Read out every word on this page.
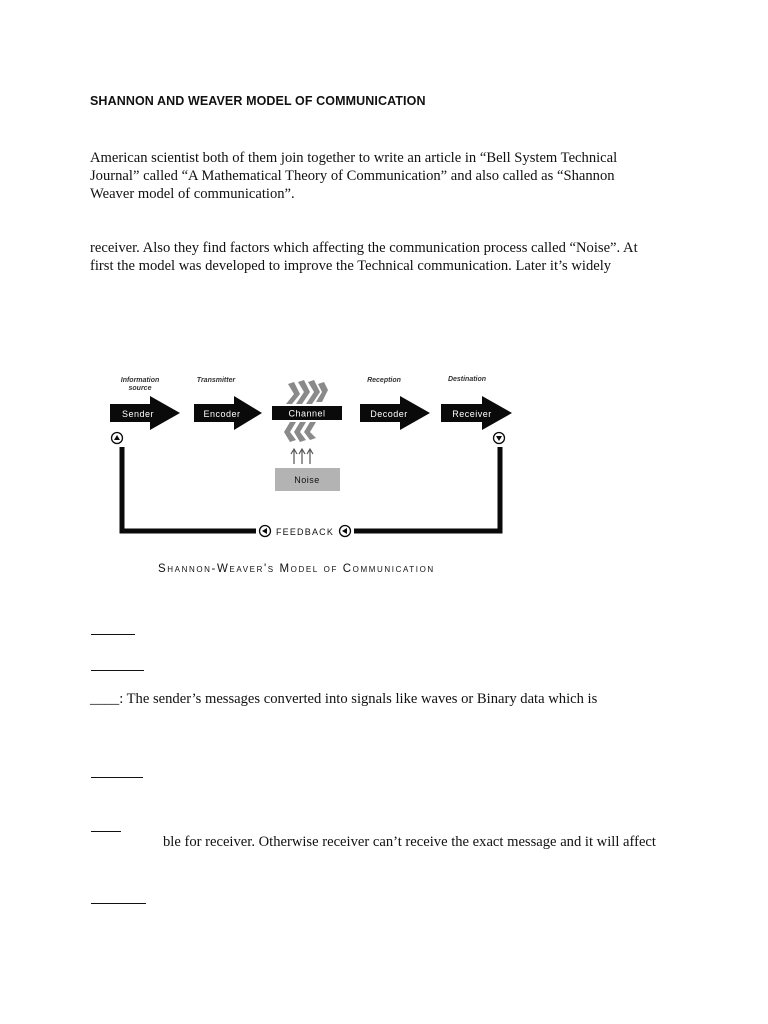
SHANNON AND WEAVER MODEL OF COMMUNICATION
American scientist both of them join together to write an article in “Bell System Technical
Journal” called “A Mathematical Theory of Communication” and also called as “Shannon
Weaver model of communication”.
receiver. Also they find factors which affecting the communication process called “Noise”. At
first the model was developed to improve the Technical communication. Later it’s widely
Information
source
Transmitter	Reception	Destination
Sender	Encoder	Channel
Noise
Decoder	Receiver
FEEDBACK
Shannon-Weaver's Model of Communication
____: The sender’s messages converted into signals like waves or Binary data which is
ble for receiver. Otherwise receiver can’t receive the exact message and it will affect
